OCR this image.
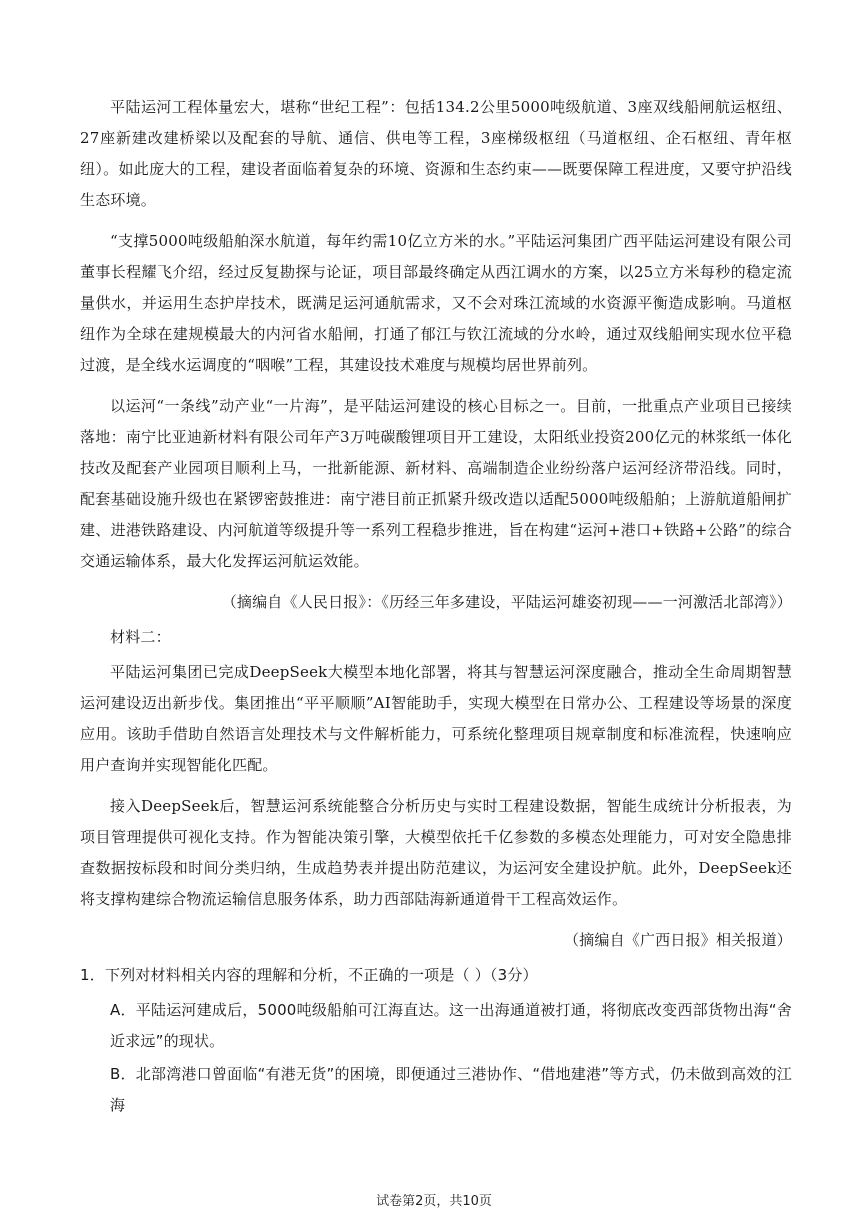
平陆运河工程体量宏大，堪称“世纪工程”：包括134.2公里5000吨级航道、3座双线船闸航运枢纽、27座新建改建桥梁以及配套的导航、通信、供电等工程，3座梯级枢纽（马道枢纽、企石枢纽、青年枢纽）。如此庞大的工程，建设者面临着复杂的环境、资源和生态约束——既要保障工程进度，又要守护沿线生态环境。

“支撑5000吨级船舶深水航道，每年约需10亿立方米的水。”平陆运河集团广西平陆运河建设有限公司董事长程耀飞介绍，经过反复勘探与论证，项目部最终确定从西江调水的方案，以25立方米每秒的稳定流量供水，并运用生态护岸技术，既满足运河通航需求，又不会对珠江流域的水资源平衡造成影响。马道枢纽作为全球在建规模最大的内河省水船闸，打通了郁江与钦江流域的分水岭，通过双线船闸实现水位平稳过渡，是全线水运调度的“咽喉”工程，其建设技术难度与规模均居世界前列。

以运河“一条线”动产业“一片海”，是平陆运河建设的核心目标之一。目前，一批重点产业项目已接续落地：南宁比亚迪新材料有限公司年产3万吨碳酸锂项目开工建设，太阳纸业投资200亿元的林浆纸一体化技改及配套产业园项目顺利上马，一批新能源、新材料、高端制造企业纷纷落户运河经济带沿线。同时，配套基础设施升级也在紧锣密鼓推进：南宁港目前正抓紧升级改造以适配5000吨级船舶；上游航道船闸扩建、进港铁路建设、内河航道等级提升等一系列工程稳步推进，旨在构建“运河+港口+铁路+公路”的综合交通运输体系，最大化发挥运河航运效能。

（摘编自《人民日报》：《历经三年多建设，平陆运河雄姿初现——一河激活北部湾》）

材料二：

平陆运河集团已完成DeepSeek大模型本地化部署，将其与智慧运河深度融合，推动全生命周期智慧运河建设迈出新步伐。集团推出“平平顺顺”AI智能助手，实现大模型在日常办公、工程建设等场景的深度应用。该助手借助自然语言处理技术与文件解析能力，可系统化整理项目规章制度和标准流程，快速响应用户查询并实现智能化匹配。

接入DeepSeek后，智慧运河系统能整合分析历史与实时工程建设数据，智能生成统计分析报表，为项目管理提供可视化支持。作为智能决策引擎，大模型依托千亿参数的多模态处理能力，可对安全隐患排查数据按标段和时间分类归纳，生成趋势表并提出防范建议，为运河安全建设护航。此外，DeepSeek还将支撑构建综合物流运输信息服务体系，助力西部陆海新通道骨干工程高效运作。

（摘编自《广西日报》相关报道）

1．下列对材料相关内容的理解和分析，不正确的一项是（ ）（3分）

A．平陆运河建成后，5000吨级船舶可江海直达。这一出海通道被打通，将彻底改变西部货物出海“舍近求远”的现状。

B．北部湾港口曾面临“有港无货”的困境，即便通过三港协作、“借地建港”等方式，仍未做到高效的江海

试卷第2页，共10页
